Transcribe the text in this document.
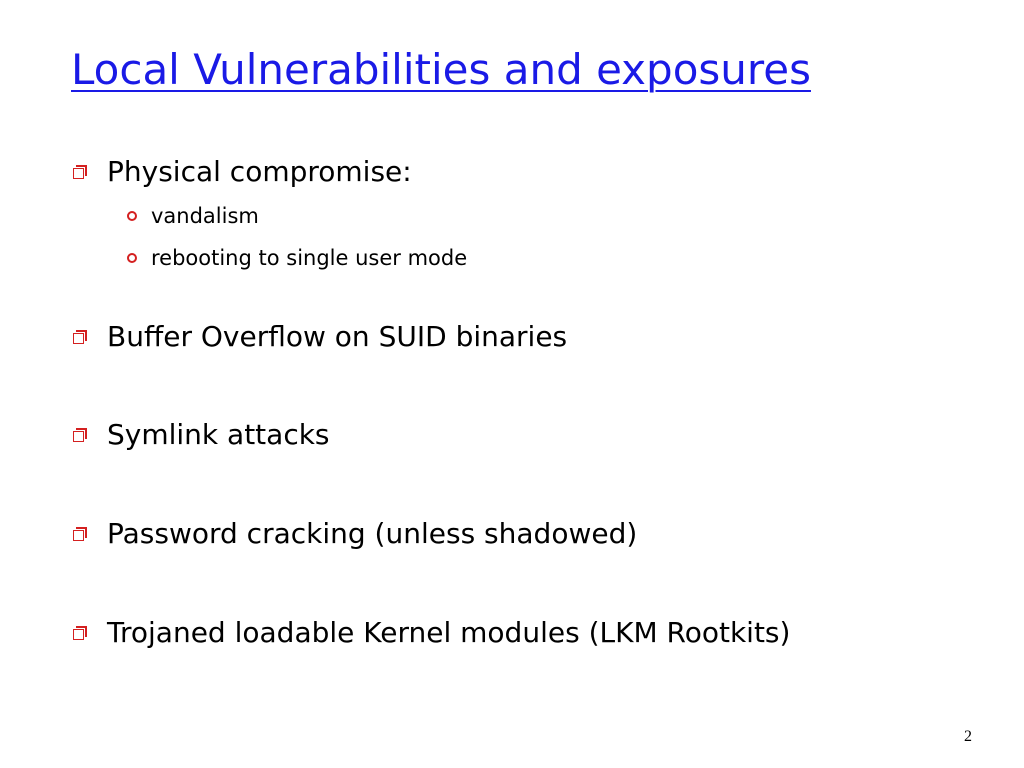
Local Vulnerabilities and exposures
Physical compromise:
vandalism
rebooting to single user mode
Buffer Overflow on SUID binaries
Symlink attacks
Password cracking (unless shadowed)
Trojaned loadable Kernel modules (LKM Rootkits)
2
